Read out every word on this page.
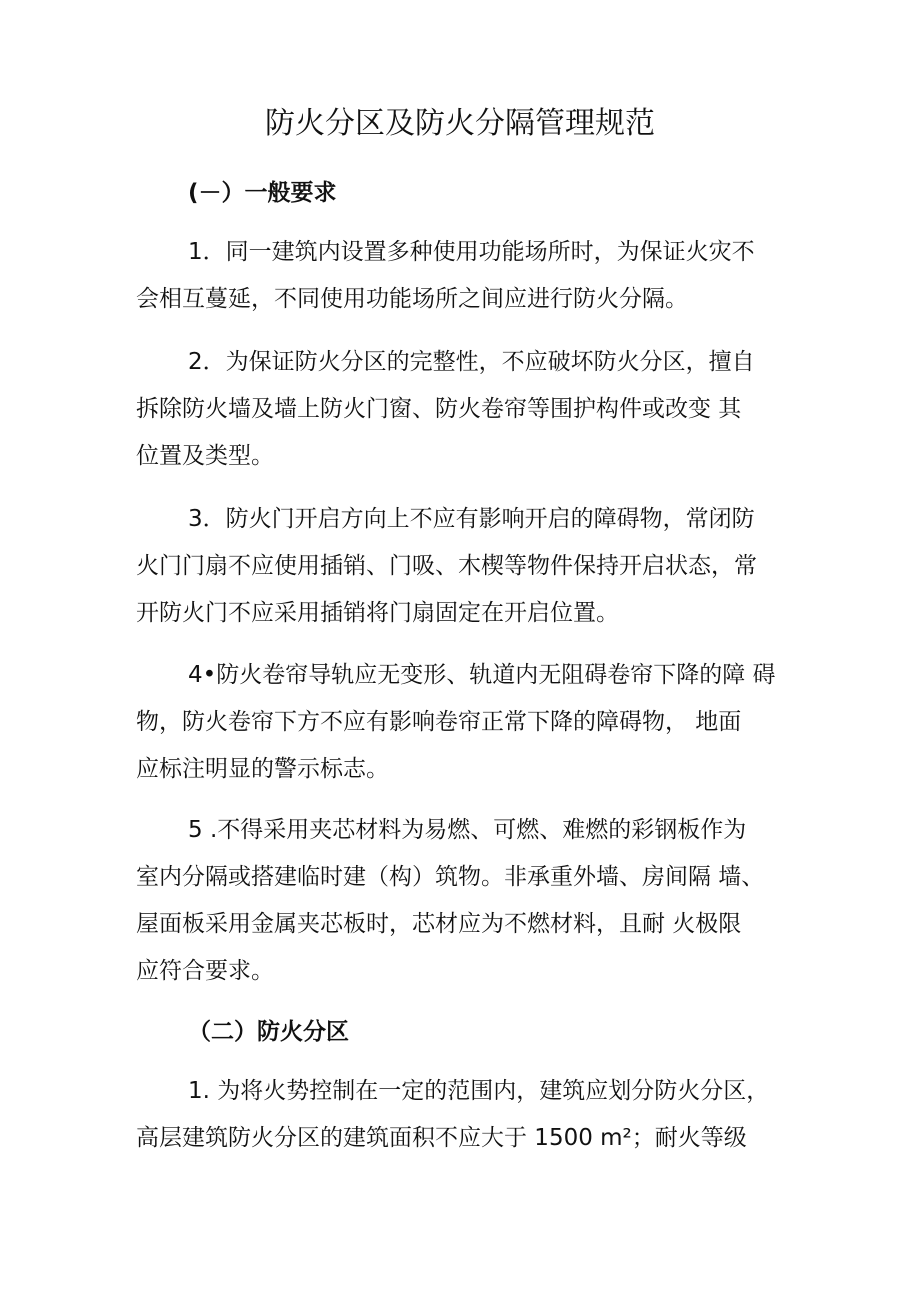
防火分区及防火分隔管理规范
(－）一般要求
1．同一建筑内设置多种使用功能场所时，为保证火灾不
会相互蔓延，不同使用功能场所之间应进行防火分隔。
2．为保证防火分区的完整性，不应破坏防火分区，擅自
拆除防火墙及墙上防火门窗、防火卷帘等围护构件或改变 其
位置及类型。
3．防火门开启方向上不应有影响开启的障碍物，常闭防
火门门扇不应使用插销、门吸、木楔等物件保持开启状态，常
开防火门不应采用插销将门扇固定在开启位置。
4•防火卷帘导轨应无变形、轨道内无阻碍卷帘下降的障 碍
物，防火卷帘下方不应有影响卷帘正常下降的障碍物， 地面
应标注明显的警示标志。
5 .不得采用夹芯材料为易燃、可燃、难燃的彩钢板作为
室内分隔或搭建临时建（构）筑物。非承重外墙、房间隔 墙、
屋面板采用金属夹芯板时，芯材应为不燃材料，且耐 火极限
应符合要求。
（二）防火分区
1. 为将火势控制在一定的范围内，建筑应划分防火分区，
高层建筑防火分区的建筑面积不应大于 1500 m²；耐火等级
